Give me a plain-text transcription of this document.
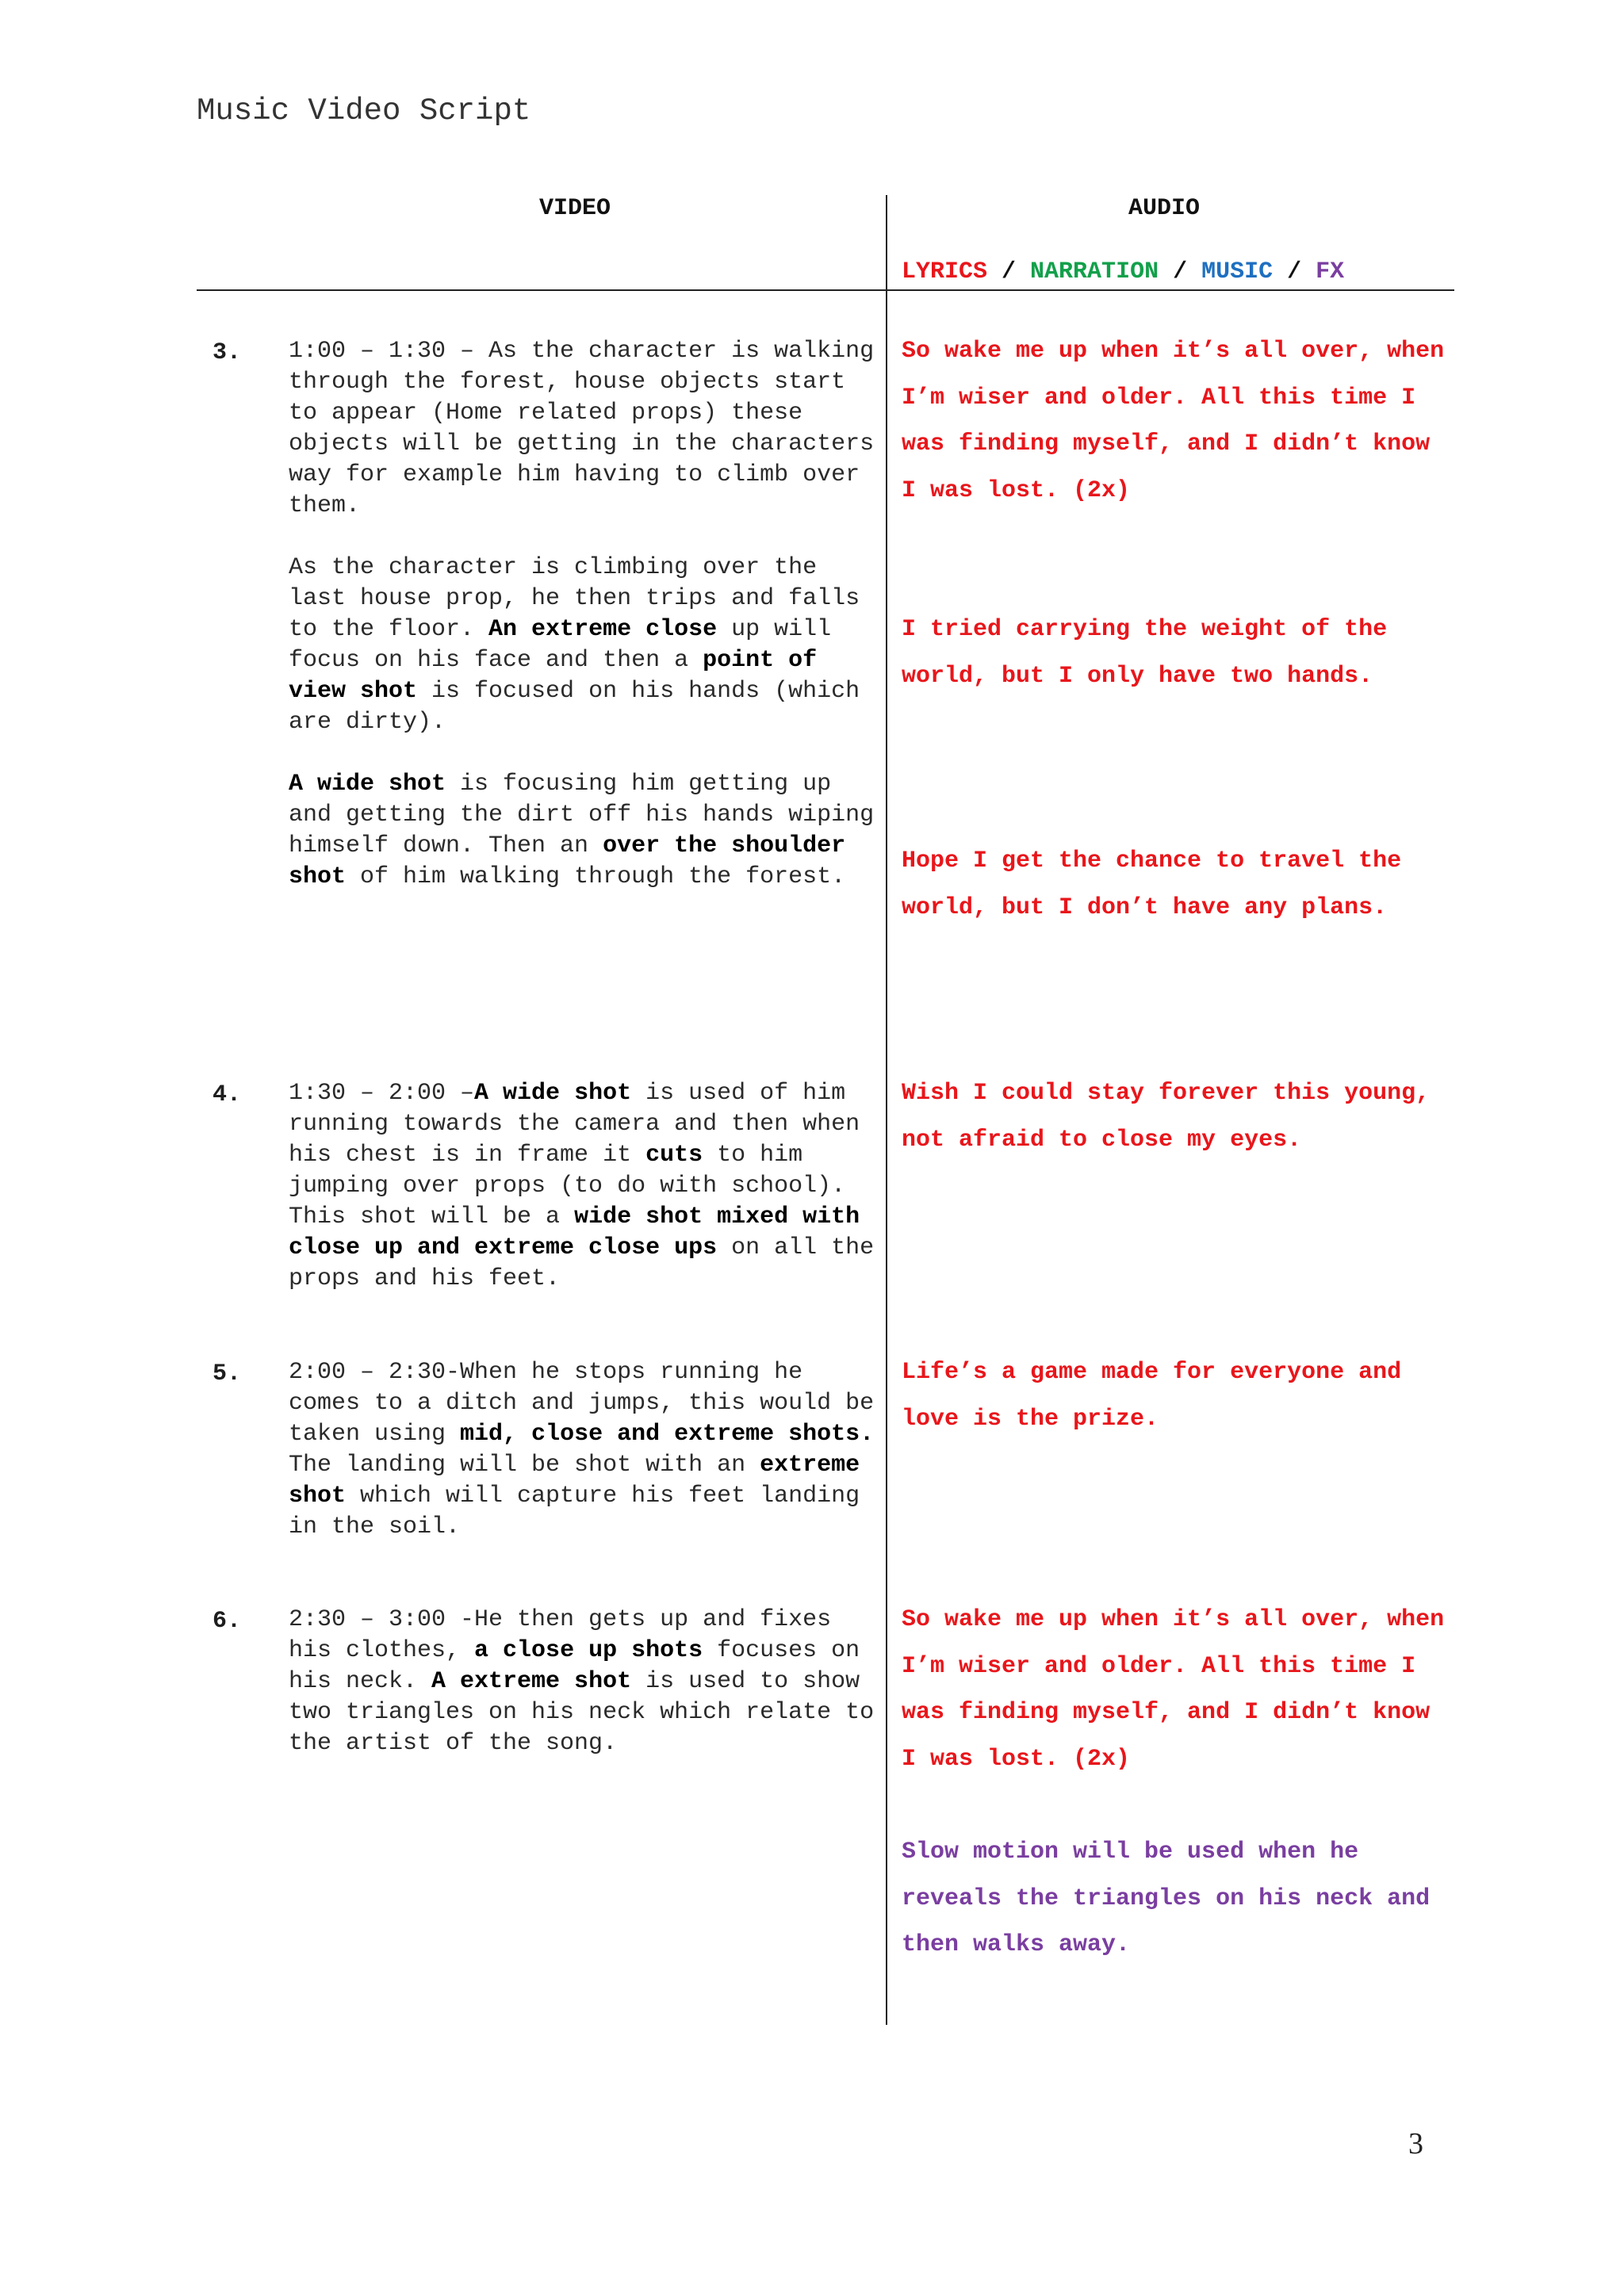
Music Video Script
VIDEO	AUDIO
LYRICS / NARRATION / MUSIC / FX
3. 1:00 – 1:30 – As the character is walking through the forest, house objects start to appear (Home related props) these objects will be getting in the characters way for example him having to climb over them.

As the character is climbing over the last house prop, he then trips and falls to the floor. An extreme close up will focus on his face and then a point of view shot is focused on his hands (which are dirty).

A wide shot is focusing him getting up and getting the dirt off his hands wiping himself down. Then an over the shoulder shot of him walking through the forest.

So wake me up when it’s all over, when I’m wiser and older. All this time I was finding myself, and I didn’t know I was lost. (2x)
I tried carrying the weight of the world, but I only have two hands.
Hope I get the chance to travel the world, but I don’t have any plans.
4. 1:30 – 2:00 –A wide shot is used of him running towards the camera and then when his chest is in frame it cuts to him jumping over props (to do with school). This shot will be a wide shot mixed with close up and extreme close ups on all the props and his feet.

Wish I could stay forever this young, not afraid to close my eyes.
5. 2:00 – 2:30-When he stops running he comes to a ditch and jumps, this would be taken using mid, close and extreme shots. The landing will be shot with an extreme shot which will capture his feet landing in the soil.

Life’s a game made for everyone and love is the prize.
6. 2:30 – 3:00 -He then gets up and fixes his clothes, a close up shots focuses on his neck. A extreme shot is used to show two triangles on his neck which relate to the artist of the song.

So wake me up when it’s all over, when I’m wiser and older. All this time I was finding myself, and I didn’t know I was lost. (2x)
Slow motion will be used when he reveals the triangles on his neck and then walks away.
3
